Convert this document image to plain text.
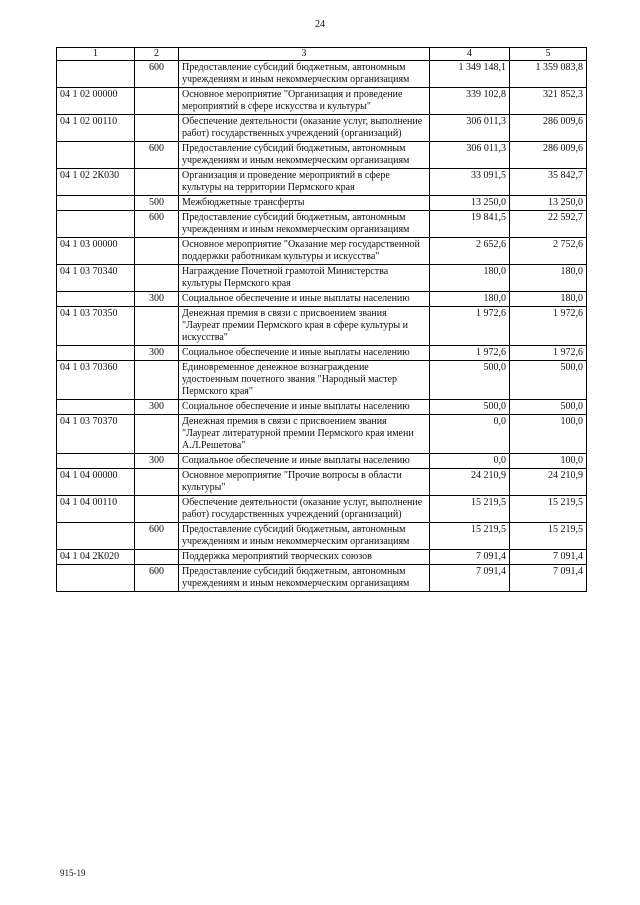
24
1	2	3	4	5
	600	Предоставление субсидий бюджетным, автономным учреждениям и иным некоммерческим организациям	1 349 148,1	1 359 083,8
04 1 02 00000		Основное мероприятие "Организация и проведение мероприятий в сфере искусства и культуры"	339 102,8	321 852,3
04 1 02 00110		Обеспечение деятельности (оказание услуг, выполнение работ) государственных учреждений (организаций)	306 011,3	286 009,6
	600	Предоставление субсидий бюджетным, автономным учреждениям и иным некоммерческим организациям	306 011,3	286 009,6
04 1 02 2К030		Организация и проведение мероприятий в сфере культуры на территории Пермского края	33 091,5	35 842,7
	500	Межбюджетные трансферты	13 250,0	13 250,0
	600	Предоставление субсидий бюджетным, автономным учреждениям и иным некоммерческим организациям	19 841,5	22 592,7
04 1 03 00000		Основное мероприятие "Оказание мер государственной поддержки работникам культуры и искусства"	2 652,6	2 752,6
04 1 03 70340		Награждение Почетной грамотой Министерства культуры Пермского края	180,0	180,0
	300	Социальное обеспечение и иные выплаты населению	180,0	180,0
04 1 03 70350		Денежная премия в связи с присвоением звания "Лауреат премии Пермского края в сфере культуры и искусства"	1 972,6	1 972,6
	300	Социальное обеспечение и иные выплаты населению	1 972,6	1 972,6
04 1 03 70360		Единовременное денежное вознаграждение удостоенным почетного звания "Народный мастер Пермского края"	500,0	500,0
	300	Социальное обеспечение и иные выплаты населению	500,0	500,0
04 1 03 70370		Денежная премия в связи с присвоением звания "Лауреат литературной премии Пермского края имени А.Л.Решетова"	0,0	100,0
	300	Социальное обеспечение и иные выплаты населению	0,0	100,0
04 1 04 00000		Основное мероприятие "Прочие вопросы в области культуры"	24 210,9	24 210,9
04 1 04 00110		Обеспечение деятельности (оказание услуг, выполнение работ) государственных учреждений (организаций)	15 219,5	15 219,5
	600	Предоставление субсидий бюджетным, автономным учреждениям и иным некоммерческим организациям	15 219,5	15 219,5
04 1 04 2К020		Поддержка мероприятий творческих союзов	7 091,4	7 091,4
	600	Предоставление субсидий бюджетным, автономным учреждениям и иным некоммерческим организациям	7 091,4	7 091,4
915-19
